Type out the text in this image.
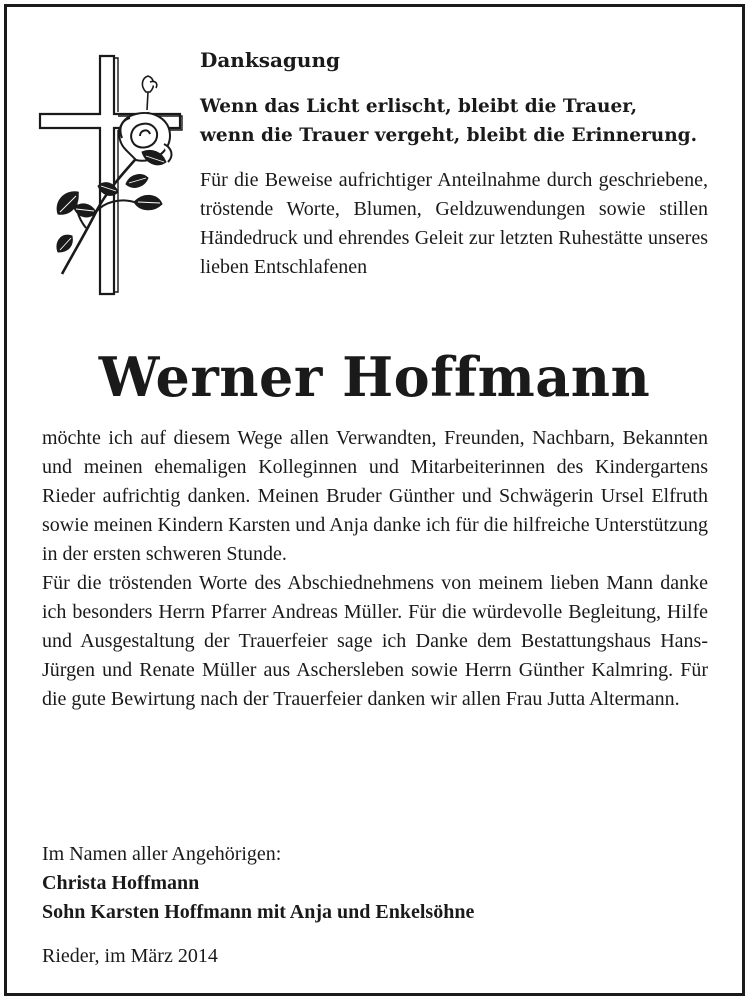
Danksagung
Wenn das Licht erlischt, bleibt die Trauer,
wenn die Trauer vergeht, bleibt die Erinnerung.

Für die Beweise aufrichtiger Anteilnahme durch geschriebene, tröstende Worte, Blumen, Geldzuwendungen sowie stillen Händedruck und ehrendes Geleit zur letzten Ruhestätte unseres lieben Entschlafenen

Werner Hoffmann
möchte ich auf diesem Wege allen Verwandten, Freunden, Nachbarn, Bekannten und meinen ehemaligen Kolleginnen und Mitarbeiterinnen des Kindergartens Rieder aufrichtig danken. Meinen Bruder Günther und Schwägerin Ursel Elfruth sowie meinen Kindern Karsten und Anja danke ich für die hilfreiche Unterstützung in der ersten schweren Stunde.
Für die tröstenden Worte des Abschiednehmens von meinem lieben Mann danke ich besonders Herrn Pfarrer Andreas Müller. Für die würdevolle Begleitung, Hilfe und Ausgestaltung der Trauerfeier sage ich Danke dem Bestattungshaus Hans-Jürgen und Renate Müller aus Aschersleben sowie Herrn Günther Kalmring. Für die gute Bewirtung nach der Trauerfeier danken wir allen Frau Jutta Altermann.
Im Namen aller Angehörigen:
Christa Hoffmann
Sohn Karsten Hoffmann mit Anja und Enkelsöhne
Rieder, im März 2014
